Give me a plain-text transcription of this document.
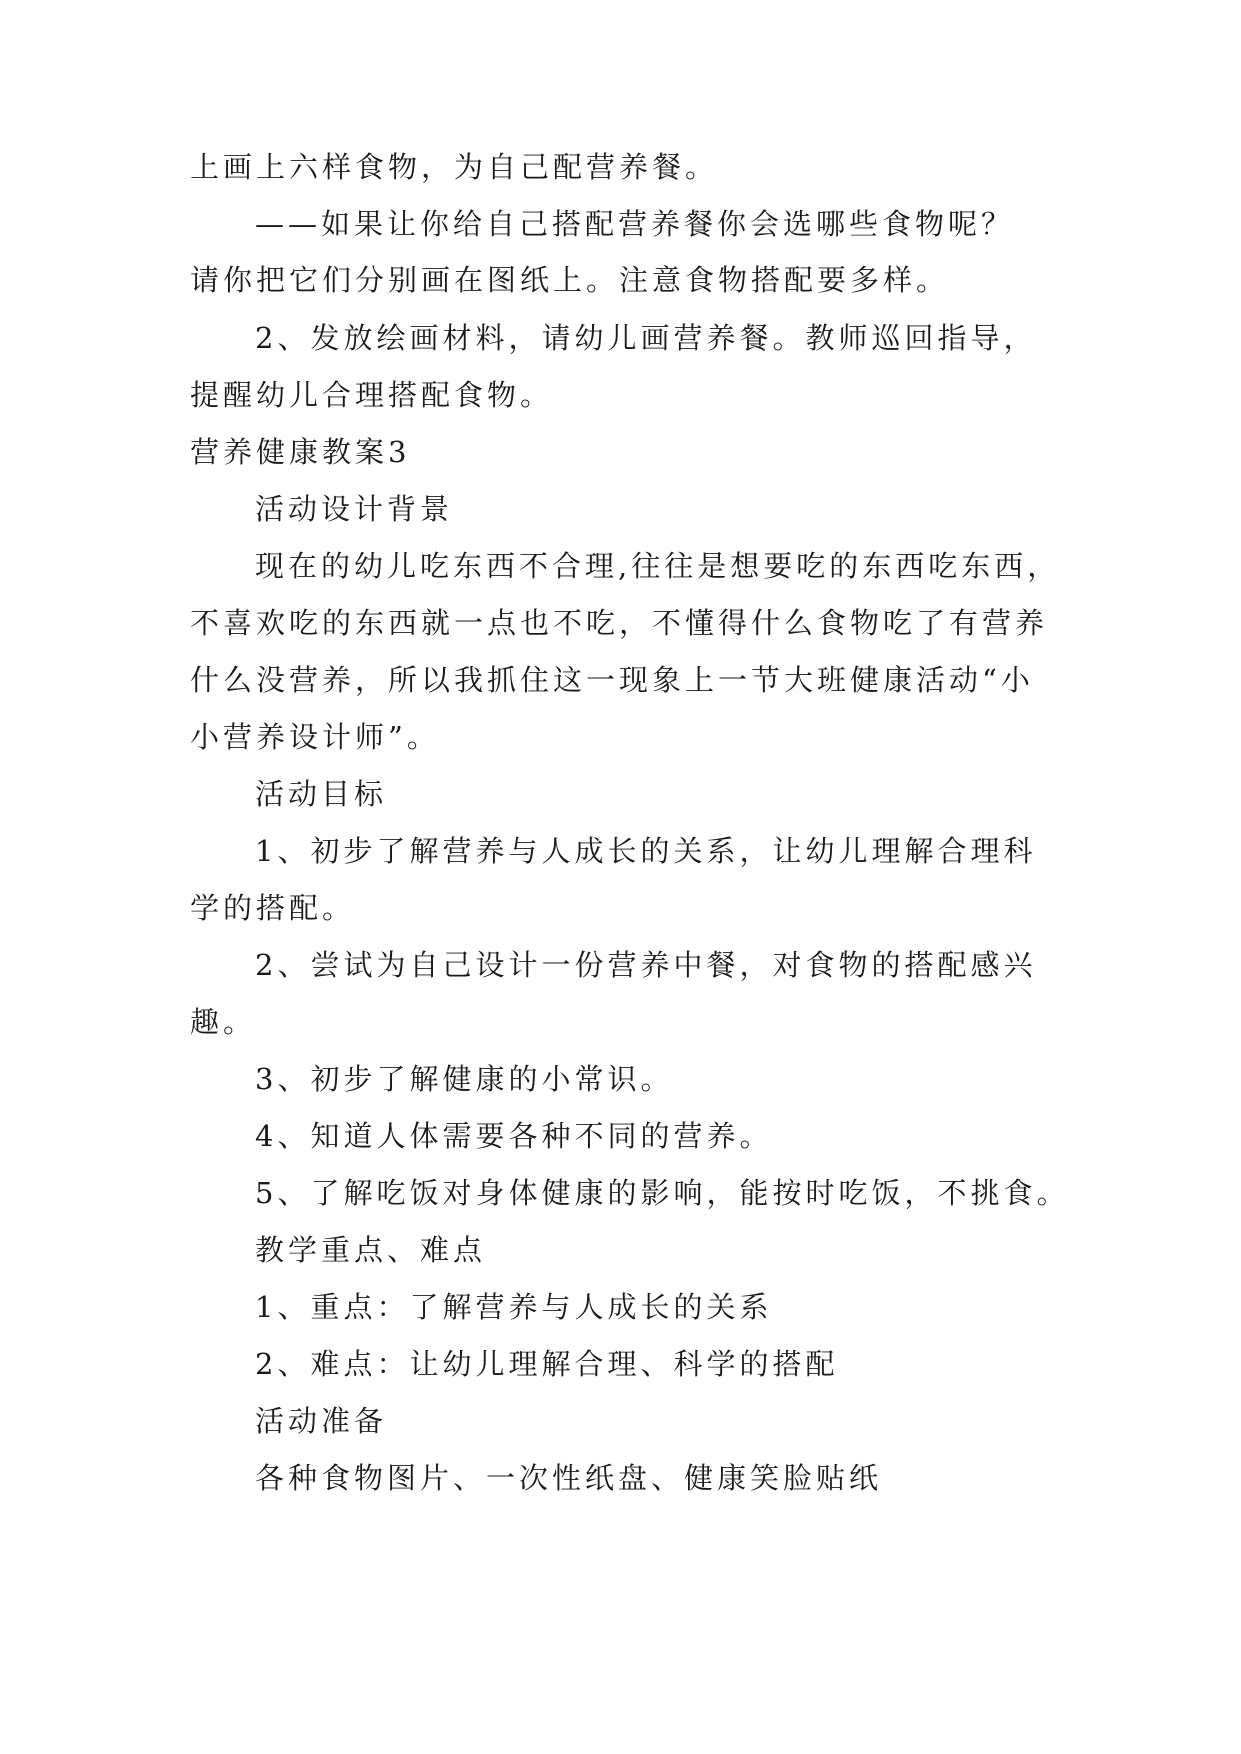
上画上六样食物，为自己配营养餐。
——如果让你给自己搭配营养餐你会选哪些食物呢？
请你把它们分别画在图纸上。注意食物搭配要多样。
2、发放绘画材料，请幼儿画营养餐。教师巡回指导，
提醒幼儿合理搭配食物。
营养健康教案3
活动设计背景
现在的幼儿吃东西不合理,往往是想要吃的东西吃东西，
不喜欢吃的东西就一点也不吃，不懂得什么食物吃了有营养
什么没营养，所以我抓住这一现象上一节大班健康活动“小
小营养设计师”。
活动目标
1、初步了解营养与人成长的关系，让幼儿理解合理科
学的搭配。
2、尝试为自己设计一份营养中餐，对食物的搭配感兴
趣。
3、初步了解健康的小常识。
4、知道人体需要各种不同的营养。
5、了解吃饭对身体健康的影响，能按时吃饭，不挑食。
教学重点、难点
1、重点：了解营养与人成长的关系
2、难点：让幼儿理解合理、科学的搭配
活动准备
各种食物图片、一次性纸盘、健康笑脸贴纸
